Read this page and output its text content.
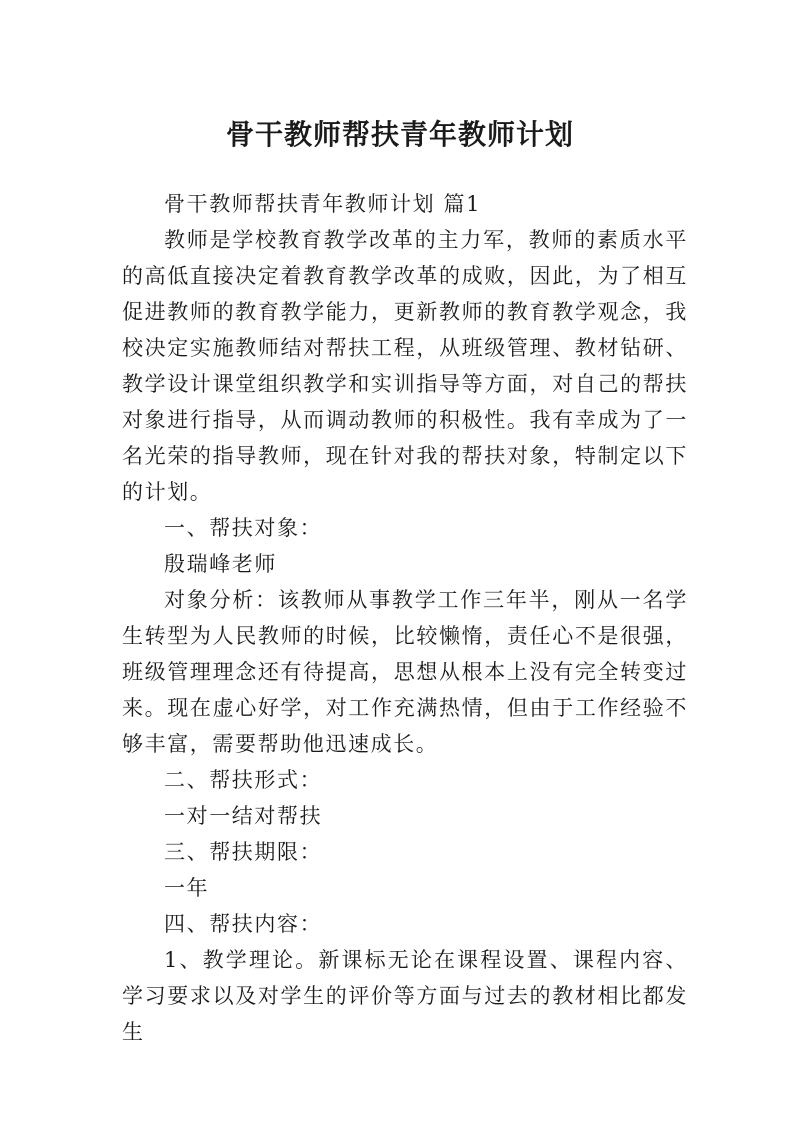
骨干教师帮扶青年教师计划

骨干教师帮扶青年教师计划 篇1

教师是学校教育教学改革的主力军，教师的素质水平的高低直接决定着教育教学改革的成败，因此，为了相互促进教师的教育教学能力，更新教师的教育教学观念，我校决定实施教师结对帮扶工程，从班级管理、教材钻研、教学设计课堂组织教学和实训指导等方面，对自己的帮扶对象进行指导，从而调动教师的积极性。我有幸成为了一名光荣的指导教师，现在针对我的帮扶对象，特制定以下的计划。

一、帮扶对象：

殷瑞峰老师

对象分析：该教师从事教学工作三年半，刚从一名学生转型为人民教师的时候，比较懒惰，责任心不是很强，班级管理理念还有待提高，思想从根本上没有完全转变过来。现在虚心好学，对工作充满热情，但由于工作经验不够丰富，需要帮助他迅速成长。

二、帮扶形式：

一对一结对帮扶

三、帮扶期限：

一年

四、帮扶内容：

1、教学理论。新课标无论在课程设置、课程内容、学习要求以及对学生的评价等方面与过去的教材相比都发生
